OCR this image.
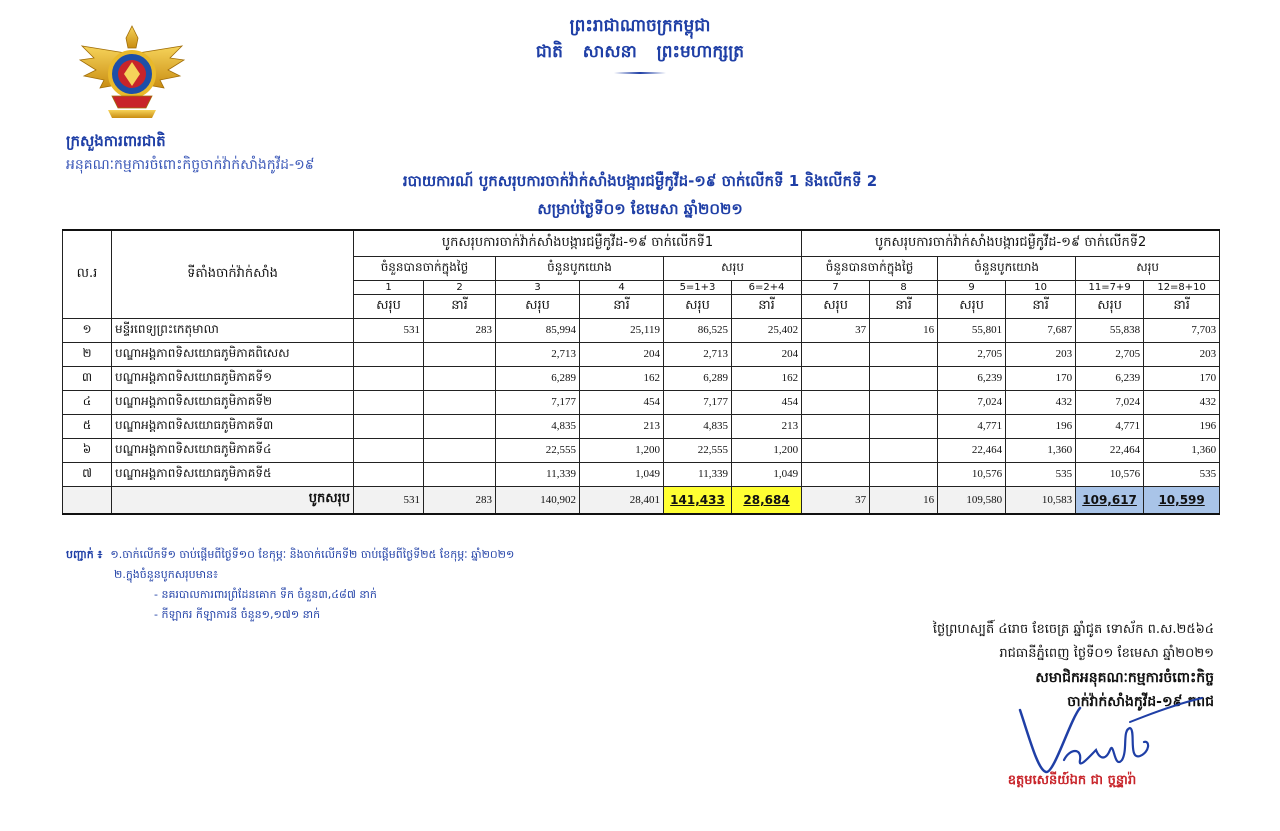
ព្រះរាជាណាចក្រកម្ពុជា
ជាតិ សាសនា ព្រះមហាក្សត្រ
ក្រសួងការពារជាតិ
អនុគណៈកម្មការចំពោះកិច្ចចាក់វ៉ាក់សាំងកូវីដ-១៩
របាយការណ៍ បូកសរុបការចាក់វ៉ាក់សាំងបង្ការជម្ងឺកូវីដ-១៩ ចាក់លើកទី 1 និងលើកទី 2
សម្រាប់ថ្ងៃទី០១ ខែមេសា ឆ្នាំ២០២១
ល.រ	ទីតាំងចាក់វ៉ាក់សាំង	បូកសរុបការចាក់វ៉ាក់សាំងបង្ការជម្ងឺកូវីដ-១៩ ចាក់លើកទី1						បូកសរុបការចាក់វ៉ាក់សាំងបង្ការជម្ងឺកូវីដ-១៩ ចាក់លើកទី2					
		ចំនួនបានចាក់ក្នុងថ្ងៃ		ចំនួនបូកយោង		សរុប		ចំនួនបានចាក់ក្នុងថ្ងៃ		ចំនួនបូកយោង		សរុប	
		1	2	3	4	5=1+3	6=2+4	7	8	9	10	11=7+9	12=8+10
		សរុប	នារី	សរុប	នារី	សរុប	នារី	សរុប	នារី	សរុប	នារី	សរុប	នារី
១	មន្ទីរពេទ្យព្រះកេតុមាលា	531	283	85,994	25,119	86,525	25,402	37	16	55,801	7,687	55,838	7,703
២	បណ្ឌាអង្គភាពទិសយោធភូមិភាគពិសេស			2,713	204	2,713	204			2,705	203	2,705	203
៣	បណ្ឌាអង្គភាពទិសយោធភូមិភាគទី១			6,289	162	6,289	162			6,239	170	6,239	170
៤	បណ្ឌាអង្គភាពទិសយោធភូមិភាគទី២			7,177	454	7,177	454			7,024	432	7,024	432
៥	បណ្ឌាអង្គភាពទិសយោធភូមិភាគទី៣			4,835	213	4,835	213			4,771	196	4,771	196
៦	បណ្ឌាអង្គភាពទិសយោធភូមិភាគទី៤			22,555	1,200	22,555	1,200			22,464	1,360	22,464	1,360
៧	បណ្ឌាអង្គភាពទិសយោធភូមិភាគទី៥			11,339	1,049	11,339	1,049			10,576	535	10,576	535
	បូកសរុប	531	283	140,902	28,401	141,433	28,684	37	16	109,580	10,583	109,617	10,599
បញ្ជាក់ ៖ ១.ចាក់លើកទី១ ចាប់ផ្តើមពីថ្ងៃទី១០ ខែកុម្ភៈ និងចាក់លើកទី២ ចាប់ផ្តើមពីថ្ងៃទី២៥ ខែកុម្ភៈ ឆ្នាំ២០២១
២.ក្នុងចំនួនបូកសរុបមាន៖
- នគរបាលការពារព្រំដែនគោក ទឹក ចំនួន៣,៤៨៧ នាក់
- កីឡាករ កីឡាការនី ចំនួន១,១៧១ នាក់
ថ្ងៃព្រហស្បតិ៍ ៤រោច ខែចេត្រ ឆ្នាំជូត ទោស័ក ព.ស.២៥៦៤
រាជធានីភ្នំពេញ ថ្ងៃទី០១ ខែមេសា ឆ្នាំ២០២១
សមាជិកអនុគណៈកម្មការចំពោះកិច្ច
ចាក់វ៉ាក់សាំងកូវីដ-១៩ កពជ
ឧត្តមសេនីយ៍ឯក ជា ចន្ទ្ណារ៉ា
